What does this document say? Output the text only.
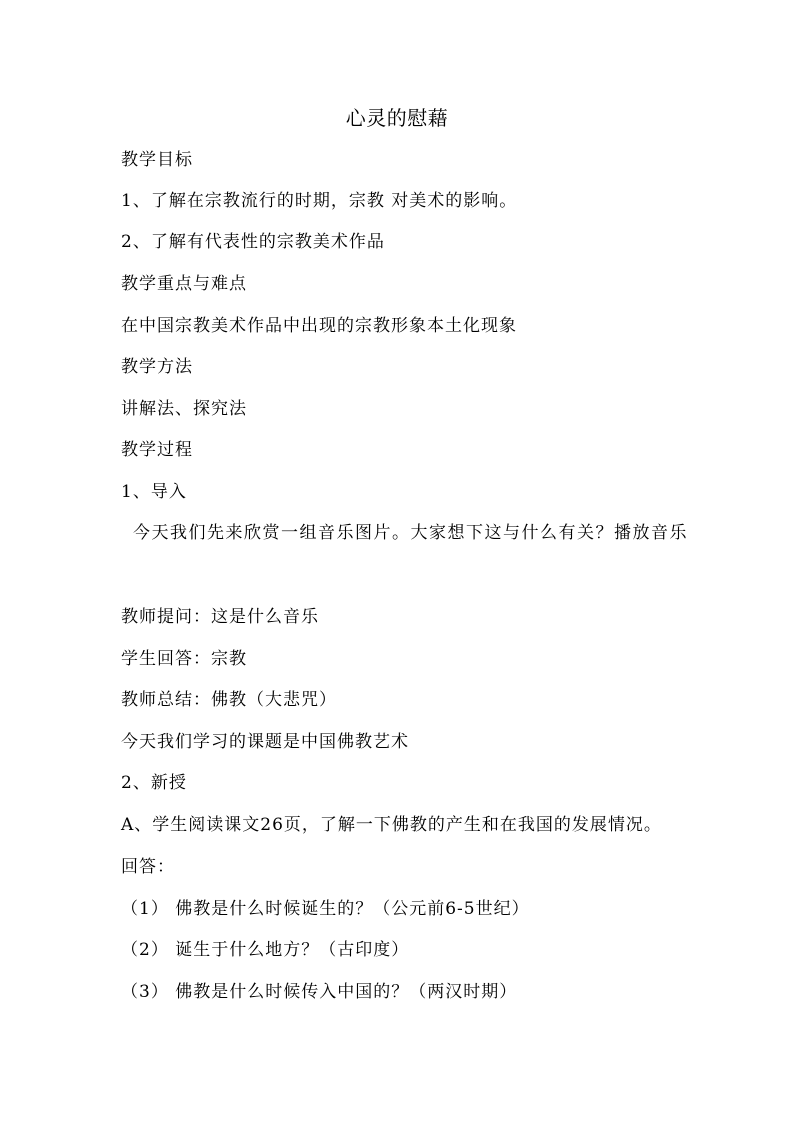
心灵的慰藉
教学目标
1、了解在宗教流行的时期，宗教 对美术的影响。
2、了解有代表性的宗教美术作品
教学重点与难点
在中国宗教美术作品中出现的宗教形象本土化现象
教学方法
讲解法、探究法
教学过程
1、导入
今天我们先来欣赏一组音乐图片。大家想下这与什么有关？播放音乐
教师提问：这是什么音乐
学生回答：宗教
教师总结：佛教（大悲咒）
今天我们学习的课题是中国佛教艺术
2、新授
A、学生阅读课文26页，了解一下佛教的产生和在我国的发展情况。
回答：
（1） 佛教是什么时候诞生的？（公元前6-5世纪）
（2） 诞生于什么地方？（古印度）
（3） 佛教是什么时候传入中国的？（两汉时期）
